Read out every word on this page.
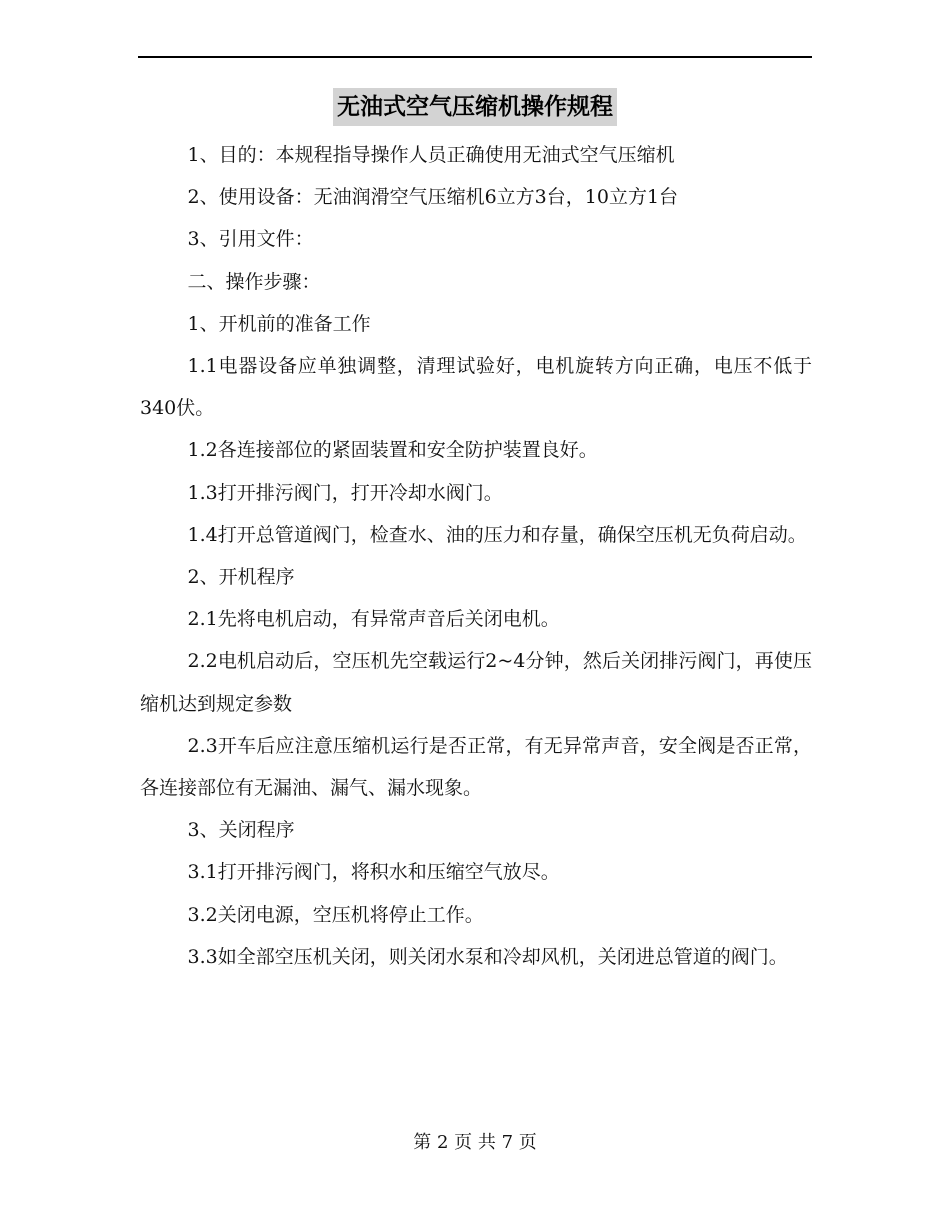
无油式空气压缩机操作规程

1、目的：本规程指导操作人员正确使用无油式空气压缩机

2、使用设备：无油润滑空气压缩机6立方3台，10立方1台

3、引用文件：

二、操作步骤：

1、开机前的准备工作

1.1电器设备应单独调整，清理试验好，电机旋转方向正确，电压不低于340伏。

1.2各连接部位的紧固装置和安全防护装置良好。

1.3打开排污阀门，打开冷却水阀门。

1.4打开总管道阀门，检查水、油的压力和存量，确保空压机无负荷启动。

2、开机程序

2.1先将电机启动，有异常声音后关闭电机。

2.2电机启动后，空压机先空载运行2~4分钟，然后关闭排污阀门，再使压缩机达到规定参数

2.3开车后应注意压缩机运行是否正常，有无异常声音，安全阀是否正常，各连接部位有无漏油、漏气、漏水现象。

3、关闭程序

3.1打开排污阀门，将积水和压缩空气放尽。

3.2关闭电源，空压机将停止工作。

3.3如全部空压机关闭，则关闭水泵和冷却风机，关闭进总管道的阀门。

第 2 页 共 7 页
